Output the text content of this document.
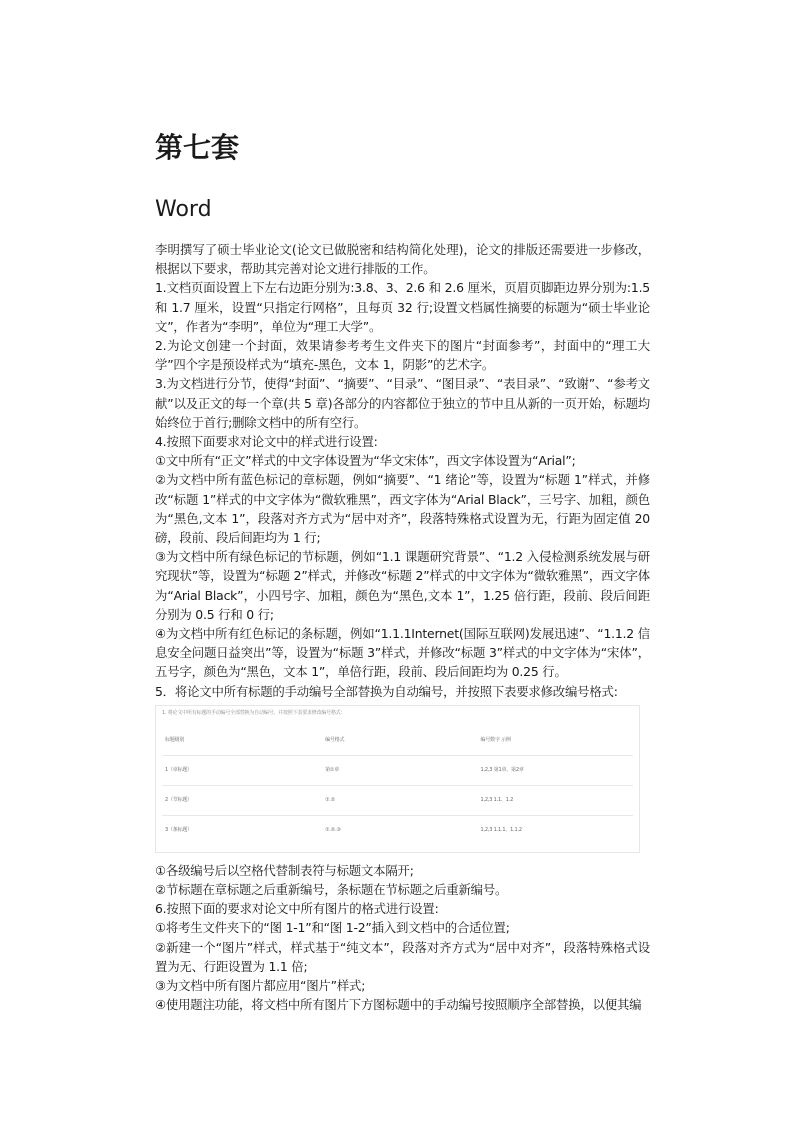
第七套
Word

李明撰写了硕士毕业论文(论文已做脱密和结构简化处理)，论文的排版还需要进一步修改，根据以下要求，帮助其完善对论文进行排版的工作。

1.文档页面设置上下左右边距分别为:3.8、3、2.6 和 2.6 厘米，页眉页脚距边界分别为:1.5 和 1.7 厘米，设置“只指定行网格”，且每页 32 行;设置文档属性摘要的标题为“硕士毕业论文”，作者为“李明”，单位为“理工大学”。

2.为论文创建一个封面，效果请参考考生文件夹下的图片“封面参考”，封面中的“理工大学”四个字是预设样式为“填充-黑色，文本 1，阴影”的艺术字。

3.为文档进行分节，使得“封面”、“摘要”、“目录”、“图目录”、“表目录”、“致谢”、“参考文献”以及正文的每一个章(共 5 章)各部分的内容都位于独立的节中且从新的一页开始，标题均始终位于首行;删除文档中的所有空行。

4.按照下面要求对论文中的样式进行设置:

①文中所有“正文”样式的中文字体设置为“华文宋体”，西文字体设置为“Arial”;

②为文档中所有蓝色标记的章标题，例如“摘要”、“1 绪论”等，设置为“标题 1”样式，并修改“标题 1”样式的中文字体为“微软雅黑”，西文字体为“Arial Black”，三号字、加粗，颜色为“黑色,文本 1”，段落对齐方式为“居中对齐”，段落特殊格式设置为无，行距为固定值 20 磅，段前、段后间距均为 1 行;

③为文档中所有绿色标记的节标题，例如“1.1 课题研究背景”、“1.2 入侵检测系统发展与研究现状”等，设置为“标题 2”样式，并修改“标题 2”样式的中文字体为“微软雅黑”，西文字体为“Arial Black”，小四号字、加粗，颜色为“黑色,文本 1”，1.25 倍行距，段前、段后间距分别为 0.5 行和 0 行;

④为文档中所有红色标记的条标题，例如“1.1.1Internet(国际互联网)发展迅速”、“1.1.2 信息安全问题日益突出”等，设置为“标题 3”样式，并修改“标题 3”样式的中文字体为“宋体”，五号字，颜色为“黑色，文本 1”，单倍行距，段前、段后间距均为 0.25 行。

5．将论文中所有标题的手动编号全部替换为自动编号，并按照下表要求修改编号格式:

1. 将论文中所有标题的手动编号全部替换为自动编号，并按照下表要求修改编号格式：
标题级别	编号格式	编号数字 示例
1（章标题）	第①章	1,2,3 第1章、第2章
2（节标题）	①.②	1,2,3 1.1、1.2
3（条标题）	①.②.③	1,2,3 1.1.1、1.1.2

①各级编号后以空格代替制表符与标题文本隔开;

②节标题在章标题之后重新编号，条标题在节标题之后重新编号。

6.按照下面的要求对论文中所有图片的格式进行设置:

①将考生文件夹下的“图 1-1”和“图 1-2”插入到文档中的合适位置;

②新建一个“图片”样式，样式基于“纯文本”，段落对齐方式为“居中对齐”，段落特殊格式设置为无、行距设置为 1.1 倍;

③为文档中所有图片都应用“图片”样式;

④使用题注功能，将文档中所有图片下方图标题中的手动编号按照顺序全部替换，以便其编
